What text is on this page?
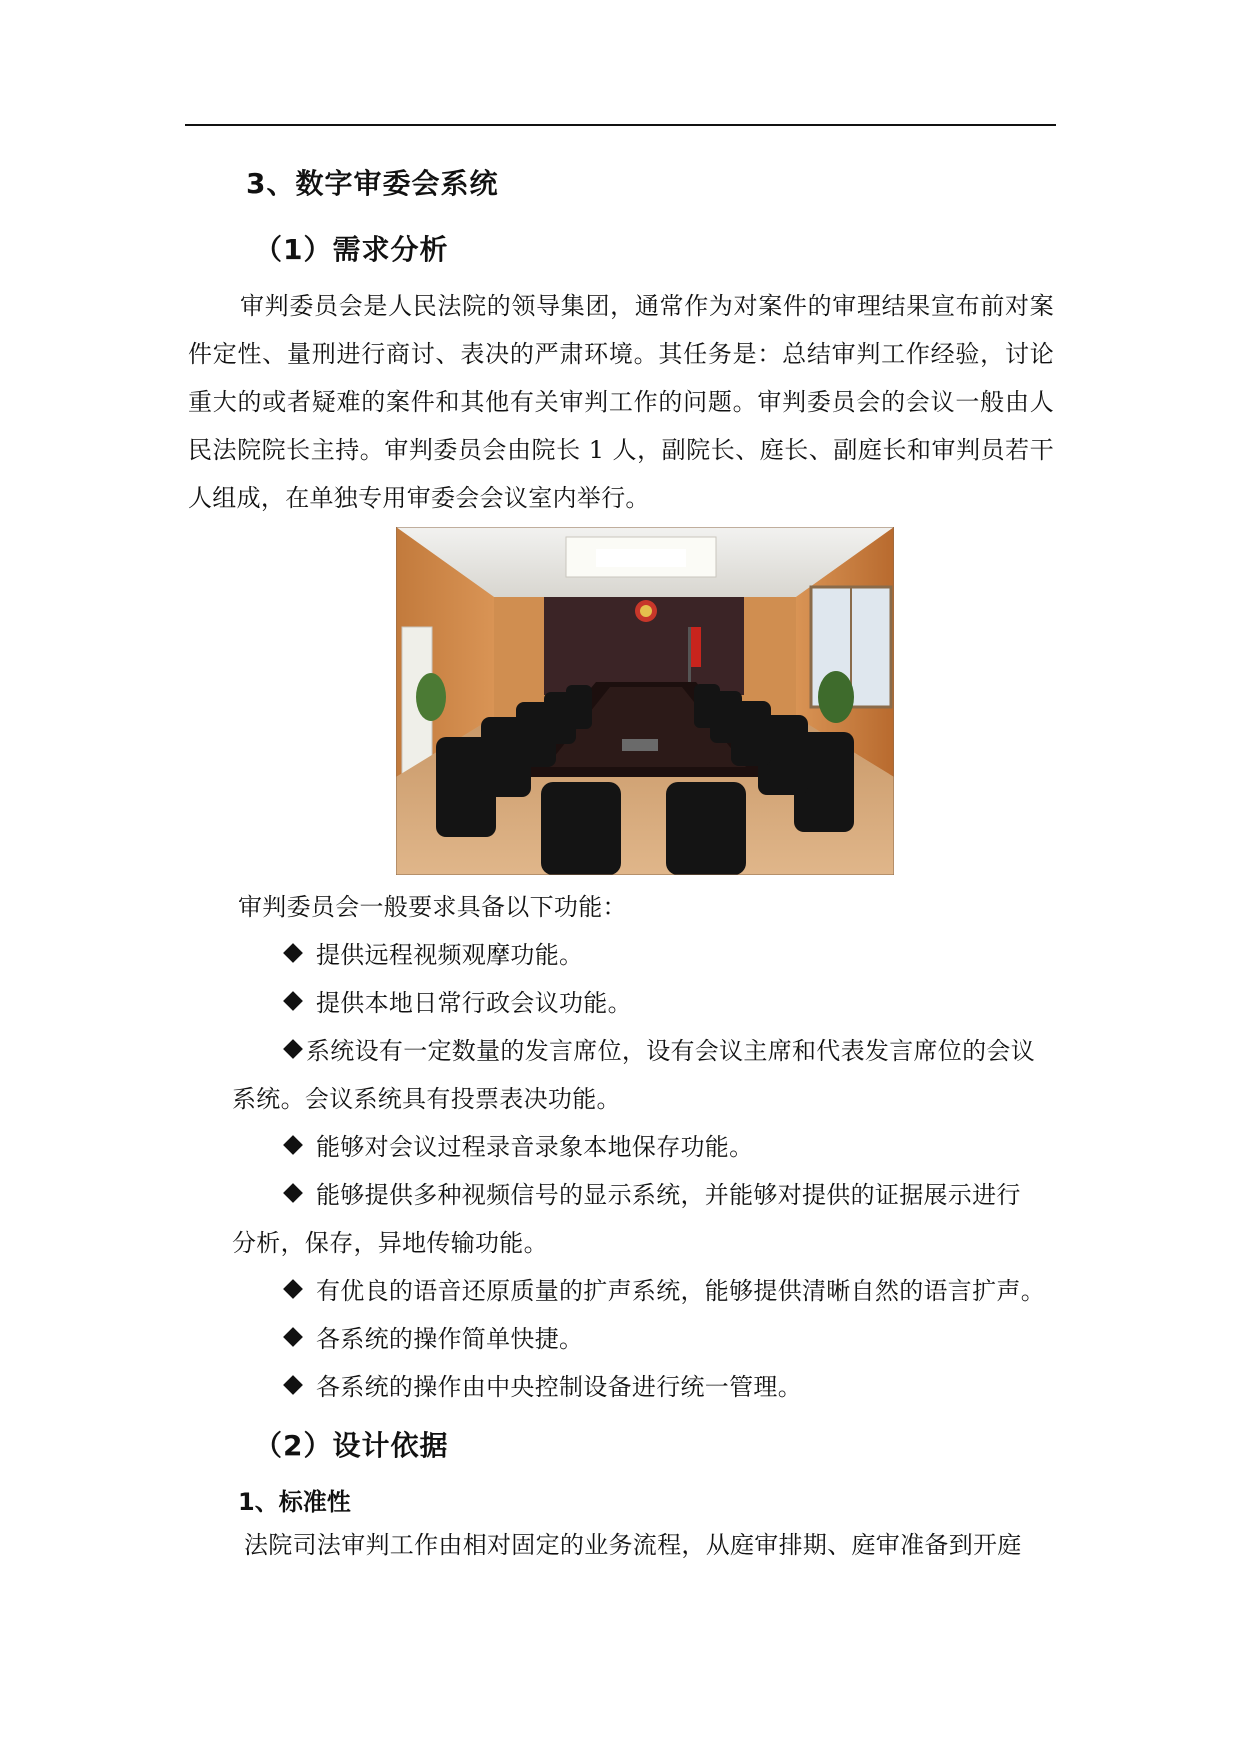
3、数字审委会系统
（1）需求分析
审判委员会是人民法院的领导集团，通常作为对案件的审理结果宣布前对案件定性、量刑进行商讨、表决的严肃环境。其任务是：总结审判工作经验，讨论重大的或者疑难的案件和其他有关审判工作的问题。审判委员会的会议一般由人民法院院长主持。审判委员会由院长 1 人，副院长、庭长、副庭长和审判员若干人组成，在单独专用审委会会议室内举行。
审判委员会一般要求具备以下功能：
提供远程视频观摩功能。
提供本地日常行政会议功能。
系统设有一定数量的发言席位，设有会议主席和代表发言席位的会议
系统。会议系统具有投票表决功能。
能够对会议过程录音录象本地保存功能。
能够提供多种视频信号的显示系统，并能够对提供的证据展示进行
分析，保存，异地传输功能。
有优良的语音还原质量的扩声系统，能够提供清晰自然的语言扩声。
各系统的操作简单快捷。
各系统的操作由中央控制设备进行统一管理。
（2）设计依据
1、标准性
法院司法审判工作由相对固定的业务流程，从庭审排期、庭审准备到开庭
